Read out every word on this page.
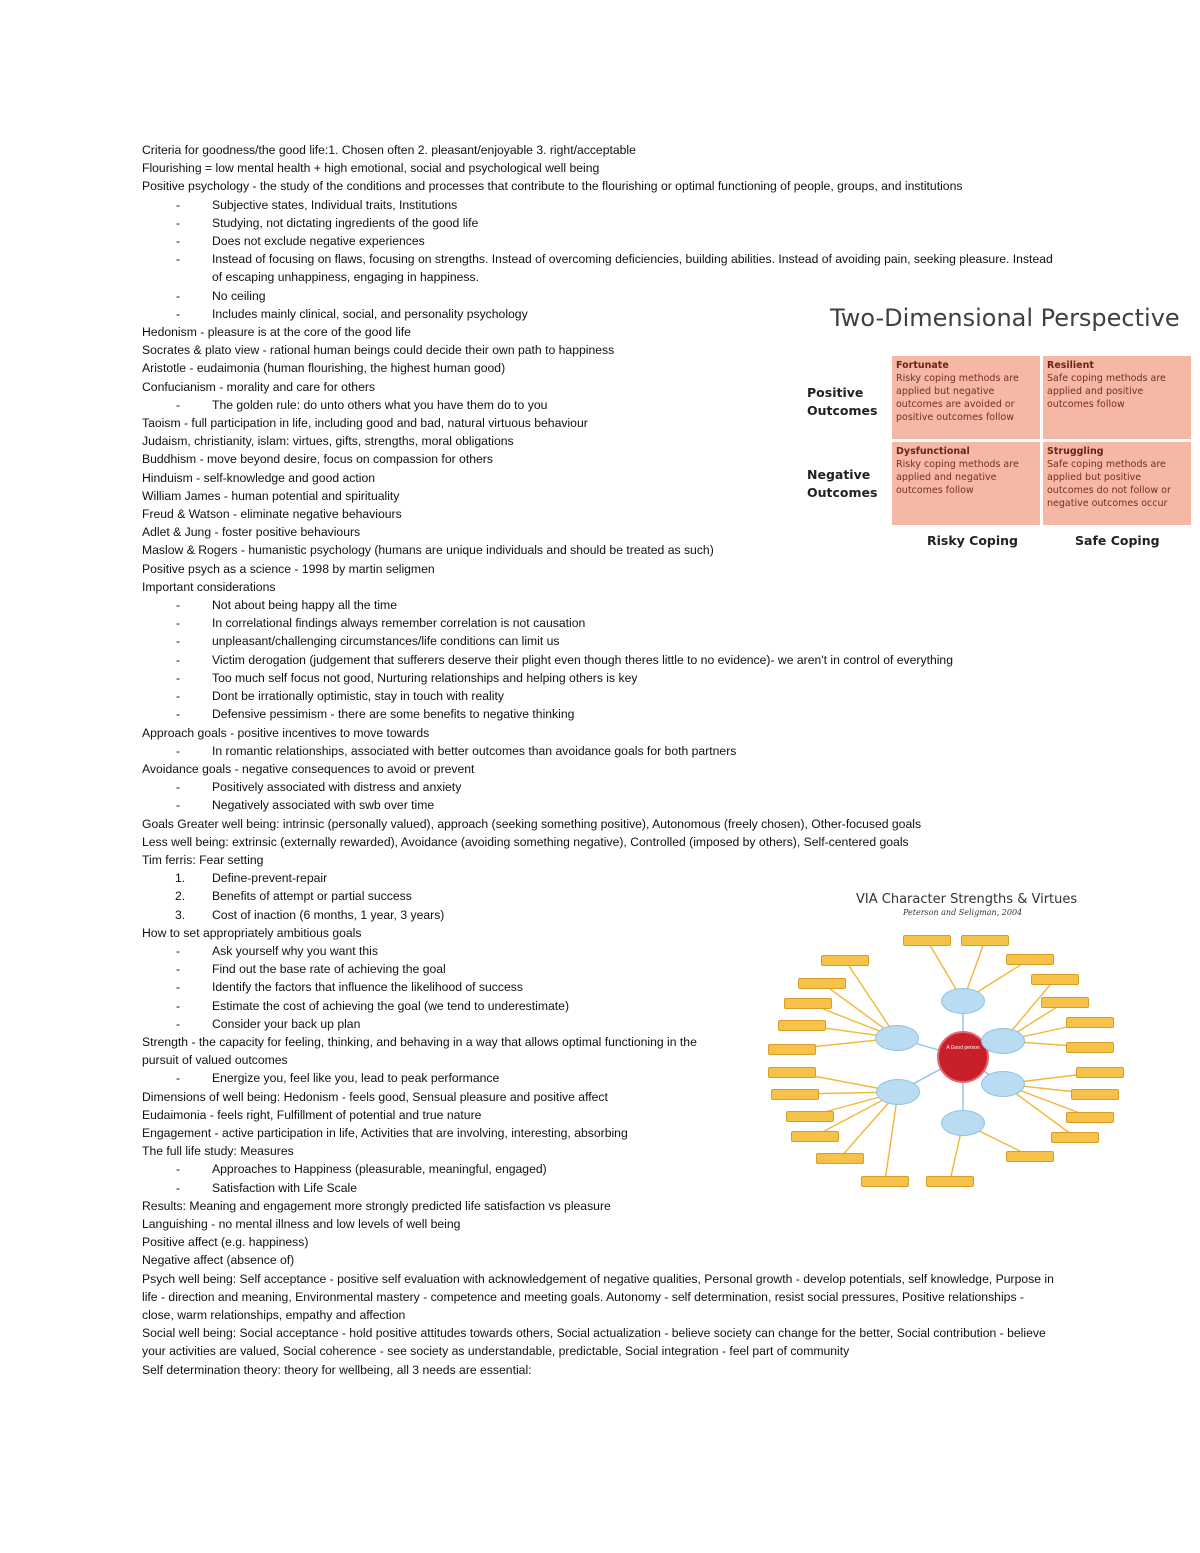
Criteria for goodness/the good life:1. Chosen often 2. pleasant/enjoyable 3. right/acceptable
Flourishing = low mental health + high emotional, social and psychological well being
Positive psychology - the study of the conditions and processes that contribute to the flourishing or optimal functioning of people, groups, and institutions
- Subjective states, Individual traits, Institutions
- Studying, not dictating ingredients of the good life
- Does not exclude negative experiences
- Instead of focusing on flaws, focusing on strengths. Instead of overcoming deficiencies, building abilities. Instead of avoiding pain, seeking pleasure. Instead of escaping unhappiness, engaging in happiness.
- No ceiling
- Includes mainly clinical, social, and personality psychology
Hedonism - pleasure is at the core of the good life
Socrates & plato view - rational human beings could decide their own path to happiness
Aristotle - eudaimonia (human flourishing, the highest human good)
Confucianism - morality and care for others
- The golden rule: do unto others what you have them do to you
Taoism - full participation in life, including good and bad, natural virtuous behaviour
Judaism, christianity, islam: virtues, gifts, strengths, moral obligations
Buddhism - move beyond desire, focus on compassion for others
Hinduism - self-knowledge and good action
William James - human potential and spirituality
Freud & Watson - eliminate negative behaviours
Adlet & Jung - foster positive behaviours
Maslow & Rogers - humanistic psychology (humans are unique individuals and should be treated as such)
Positive psych as a science - 1998 by martin seligmen
Important considerations
- Not about being happy all the time
- In correlational findings always remember correlation is not causation
- unpleasant/challenging circumstances/life conditions can limit us
- Victim derogation (judgement that sufferers deserve their plight even though theres little to no evidence)- we aren't in control of everything
- Too much self focus not good, Nurturing relationships and helping others is key
- Dont be irrationally optimistic, stay in touch with reality
- Defensive pessimism - there are some benefits to negative thinking
Approach goals - positive incentives to move towards
- In romantic relationships, associated with better outcomes than avoidance goals for both partners
Avoidance goals - negative consequences to avoid or prevent
- Positively associated with distress and anxiety
- Negatively associated with swb over time
Goals Greater well being: intrinsic (personally valued), approach (seeking something positive), Autonomous (freely chosen), Other-focused goals
Less well being: extrinsic (externally rewarded), Avoidance (avoiding something negative), Controlled (imposed by others), Self-centered goals
Tim ferris: Fear setting
1. Define-prevent-repair
2. Benefits of attempt or partial success
3. Cost of inaction (6 months, 1 year, 3 years)
How to set appropriately ambitious goals
- Ask yourself why you want this
- Find out the base rate of achieving the goal
- Identify the factors that influence the likelihood of success
- Estimate the cost of achieving the goal (we tend to underestimate)
- Consider your back up plan
Strength - the capacity for feeling, thinking, and behaving in a way that allows optimal functioning in the pursuit of valued outcomes
- Energize you, feel like you, lead to peak performance
Dimensions of well being: Hedonism - feels good, Sensual pleasure and positive affect
Eudaimonia - feels right, Fulfillment of potential and true nature
Engagement - active participation in life, Activities that are involving, interesting, absorbing
The full life study: Measures
- Approaches to Happiness (pleasurable, meaningful, engaged)
- Satisfaction with Life Scale
Results: Meaning and engagement more strongly predicted life satisfaction vs pleasure
Languishing - no mental illness and low levels of well being
Positive affect (e.g. happiness)
Negative affect (absence of)
Psych well being: Self acceptance - positive self evaluation with acknowledgement of negative qualities, Personal growth - develop potentials, self knowledge, Purpose in life - direction and meaning, Environmental mastery - competence and meeting goals. Autonomy - self determination, resist social pressures, Positive relationships - close, warm relationships, empathy and affection
Social well being: Social acceptance - hold positive attitudes towards others, Social actualization - believe society can change for the better, Social contribution - believe your activities are valued, Social coherence - see society as understandable, predictable, Social integration - feel part of community
Self determination theory: theory for wellbeing, all 3 needs are essential:
Two-Dimensional Perspective
Positive Outcomes
Negative Outcomes
Fortunate
Risky coping methods are applied but negative outcomes are avoided or positive outcomes follow
Resilient
Safe coping methods are applied and positive outcomes follow
Dysfunctional
Risky coping methods are applied and negative outcomes follow
Struggling
Safe coping methods are applied but positive outcomes do not follow or negative outcomes occur
Risky Coping	Safe Coping
VIA Character Strengths & Virtues
Peterson and Seligman, 2004
A Good person
